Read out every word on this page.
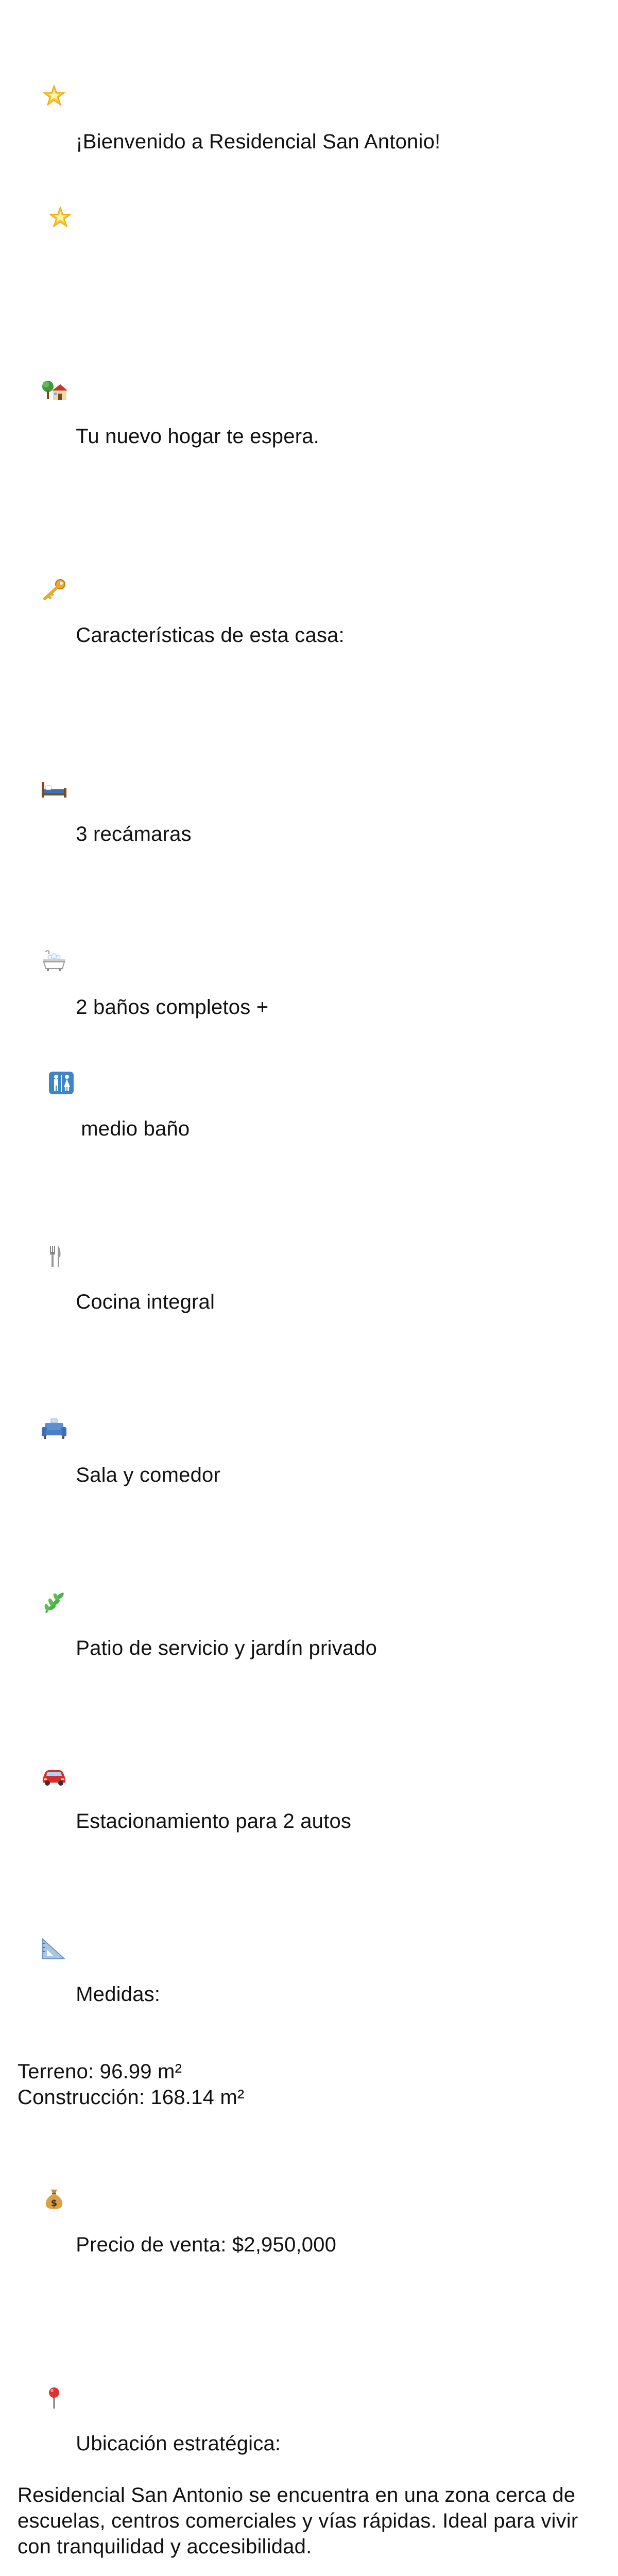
¡Bienvenido a Residencial San Antonio!

Tu nuevo hogar te espera.

Características de esta casa:

3 recámaras

2 baños completos +

medio baño

Cocina integral

Sala y comedor

Patio de servicio y jardín privado

Estacionamiento para 2 autos

Medidas:

Terreno: 96.99 m²
Construcción: 168.14 m²

$

Precio de venta: $2,950,000

Ubicación estratégica:

Residencial San Antonio se encuentra en una zona cerca de escuelas, centros comerciales y vías rápidas. Ideal para vivir con tranquilidad y accesibilidad.
